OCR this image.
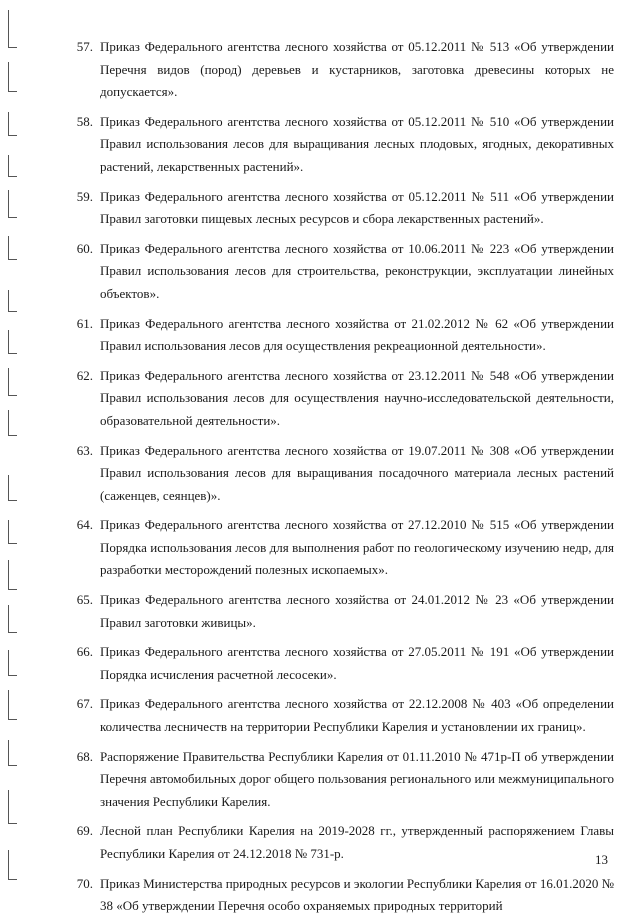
57. Приказ Федерального агентства лесного хозяйства от 05.12.2011 № 513 «Об утверждении Перечня видов (пород) деревьев и кустарников, заготовка древесины которых не допускается».
58. Приказ Федерального агентства лесного хозяйства от 05.12.2011 № 510 «Об утверждении Правил использования лесов для выращивания лесных плодовых, ягодных, декоративных растений, лекарственных растений».
59. Приказ Федерального агентства лесного хозяйства от 05.12.2011 № 511 «Об утверждении Правил заготовки пищевых лесных ресурсов и сбора лекарственных растений».
60. Приказ Федерального агентства лесного хозяйства от 10.06.2011 № 223 «Об утверждении Правил использования лесов для строительства, реконструкции, эксплуатации линейных объектов».
61. Приказ Федерального агентства лесного хозяйства от 21.02.2012 № 62 «Об утверждении Правил использования лесов для осуществления рекреационной деятельности».
62. Приказ Федерального агентства лесного хозяйства от 23.12.2011 № 548 «Об утверждении Правил использования лесов для осуществления научно-исследовательской деятельности, образовательной деятельности».
63. Приказ Федерального агентства лесного хозяйства от 19.07.2011 № 308 «Об утверждении Правил использования лесов для выращивания посадочного материала лесных растений (саженцев, сеянцев)».
64. Приказ Федерального агентства лесного хозяйства от 27.12.2010 № 515 «Об утверждении Порядка использования лесов для выполнения работ по геологическому изучению недр, для разработки месторождений полезных ископаемых».
65. Приказ Федерального агентства лесного хозяйства от 24.01.2012 № 23 «Об утверждении Правил заготовки живицы».
66. Приказ Федерального агентства лесного хозяйства от 27.05.2011 № 191 «Об утверждении Порядка исчисления расчетной лесосеки».
67. Приказ Федерального агентства лесного хозяйства от 22.12.2008 № 403 «Об определении количества лесничеств на территории Республики Карелия и установлении их границ».
68. Распоряжение Правительства Республики Карелия от 01.11.2010 № 471р-П об утверждении Перечня автомобильных дорог общего пользования регионального или межмуниципального значения Республики Карелия.
69. Лесной план Республики Карелия на 2019-2028 гг., утвержденный распоряжением Главы Республики Карелия от 24.12.2018 № 731-р.
70. Приказ Министерства природных ресурсов и экологии Республики Карелия от 16.01.2020 № 38 «Об утверждении Перечня особо охраняемых природных территорий
13
